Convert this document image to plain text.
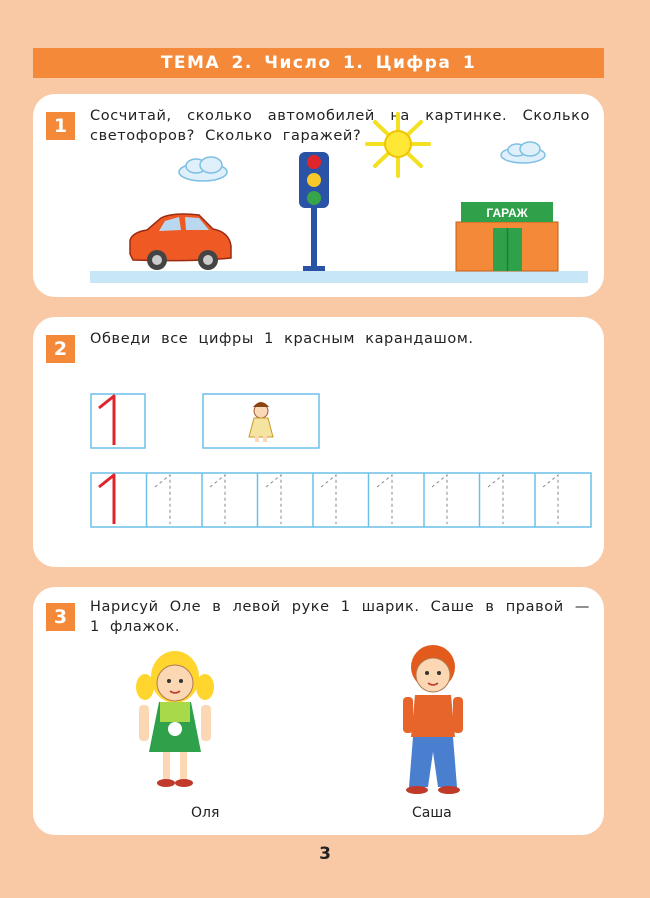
ТЕМА 2. Число 1. Цифра 1
1	Сосчитай, сколько автомобилей на картинке. Сколько светофоров? Сколько гаражей?
ГАРАЖ
2	Обведи все цифры 1 красным карандашом.
3	Нарисуй Оле в левой руке 1 шарик. Саше в правой — 1 флажок.
Оля	Саша
3
